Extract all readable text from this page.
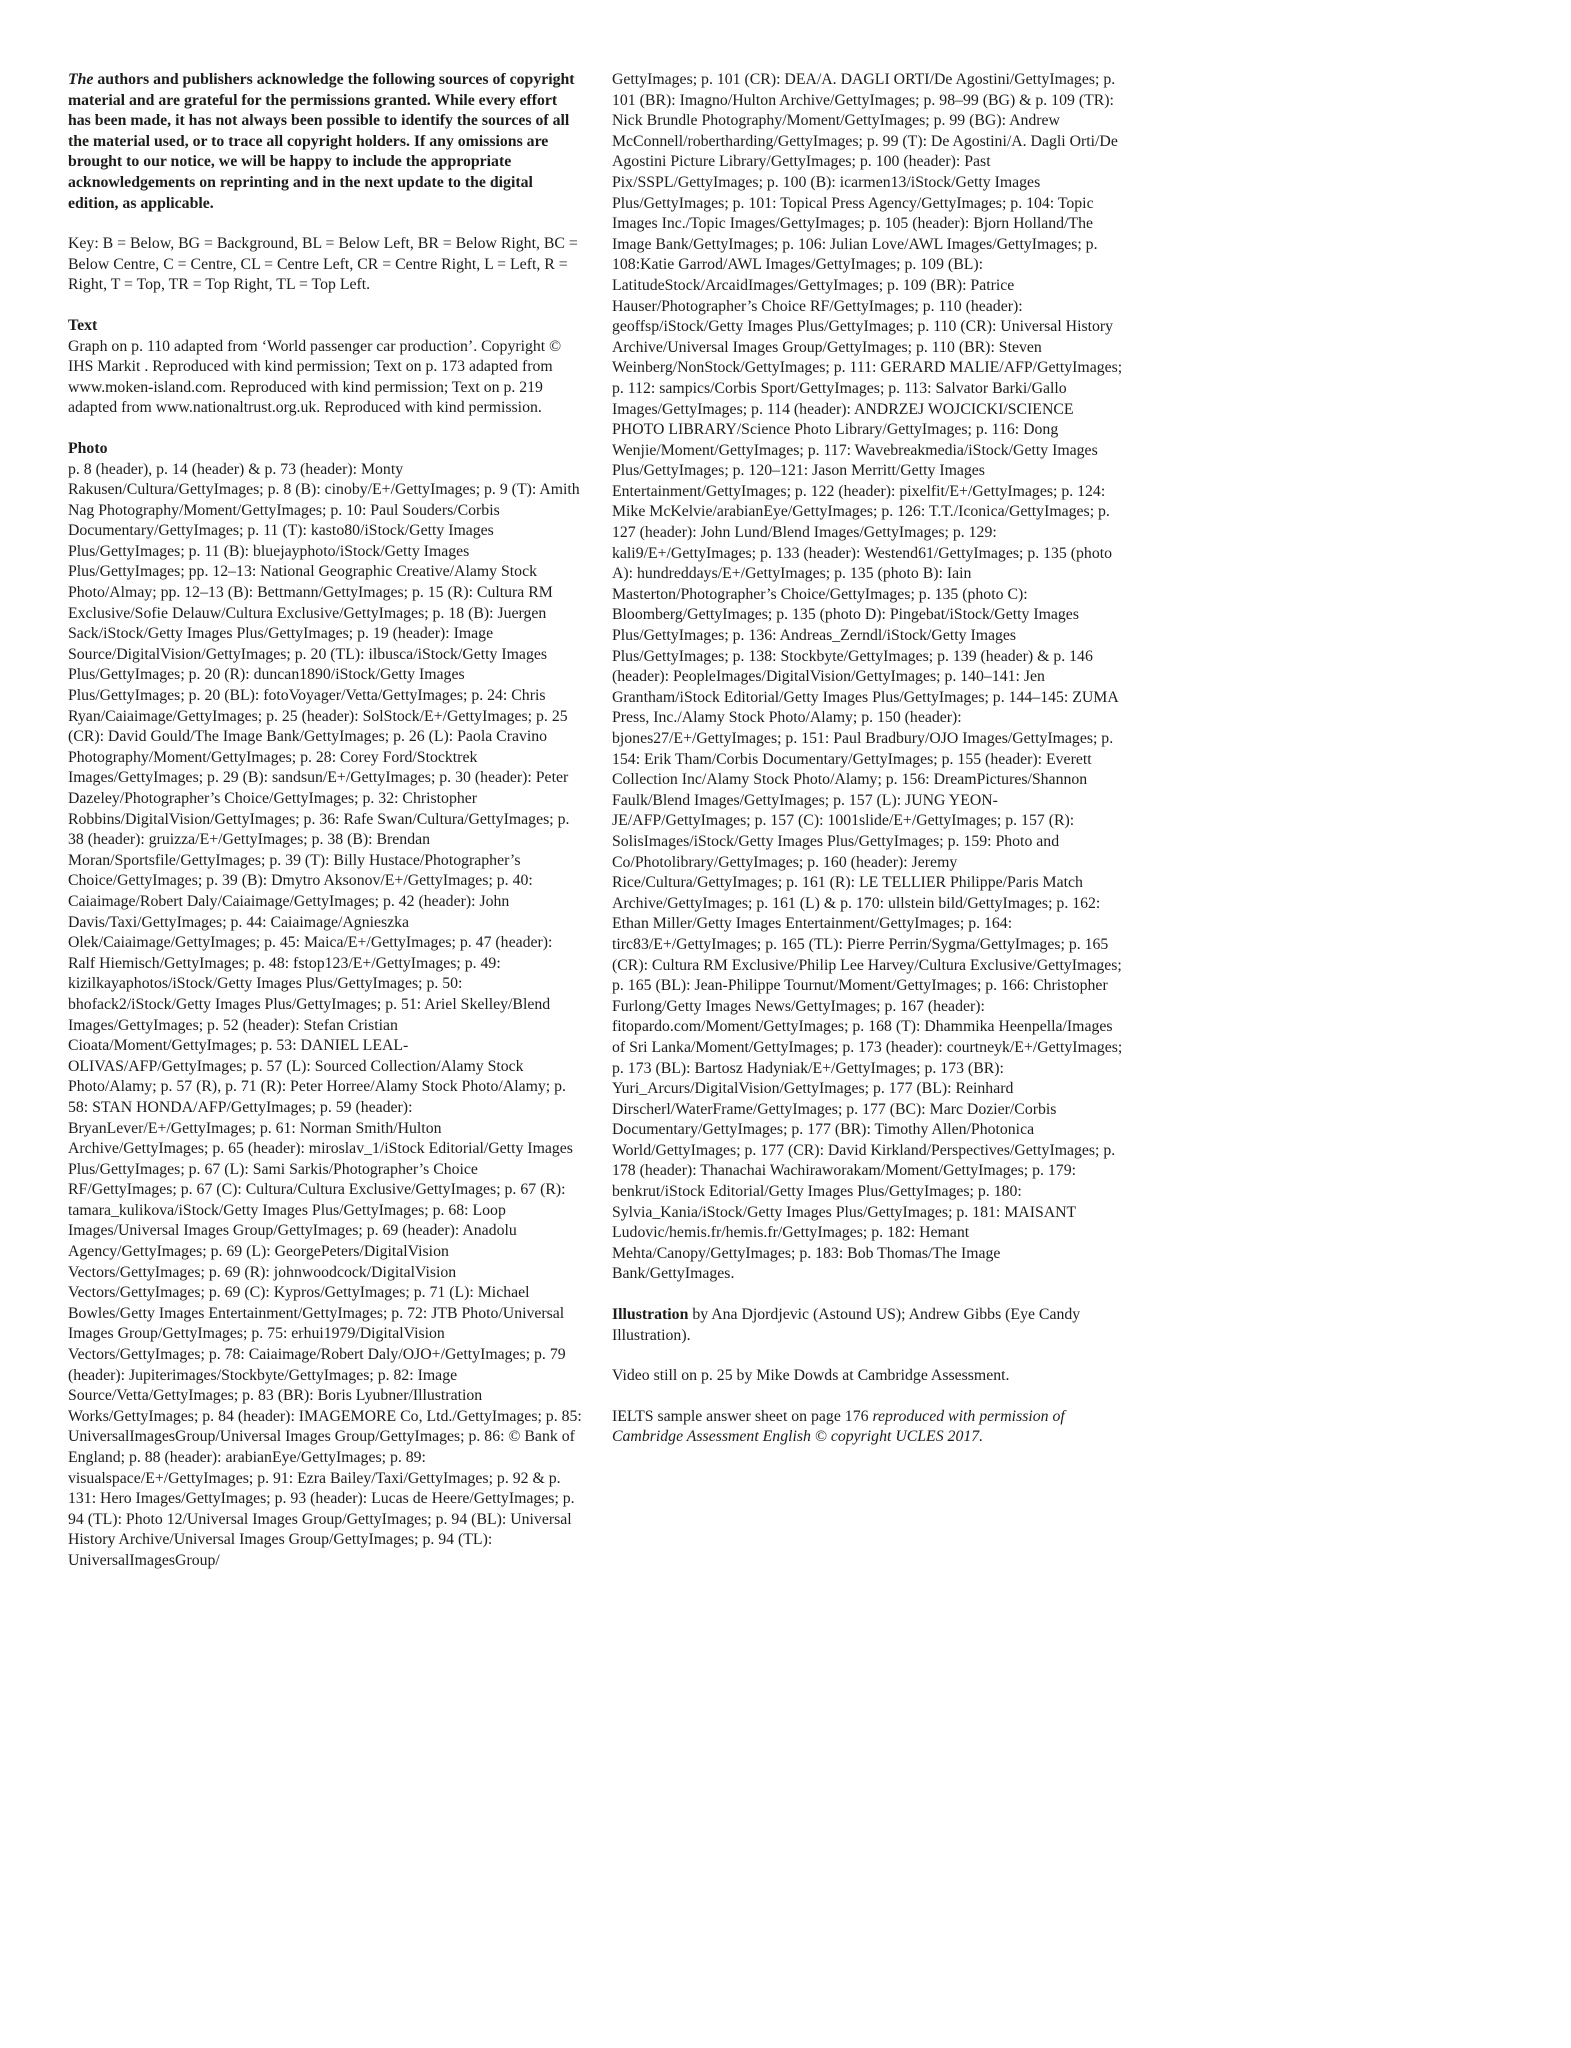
The authors and publishers acknowledge the following sources of copyright material and are grateful for the permissions granted. While every effort has been made, it has not always been possible to identify the sources of all the material used, or to trace all copyright holders. If any omissions are brought to our notice, we will be happy to include the appropriate acknowledgements on reprinting and in the next update to the digital edition, as applicable.

Key: B = Below, BG = Background, BL = Below Left, BR = Below Right, BC = Below Centre, C = Centre, CL = Centre Left, CR = Centre Right, L = Left, R = Right, T = Top, TR = Top Right, TL = Top Left.

Text

Graph on p. 110 adapted from ‘World passenger car production’. Copyright © IHS Markit . Reproduced with kind permission; Text on p. 173 adapted from www.moken-island.com. Reproduced with kind permission; Text on p. 219 adapted from www.nationaltrust.org.uk. Reproduced with kind permission.

Photo

p. 8 (header), p. 14 (header) & p. 73 (header): Monty Rakusen/Cultura/GettyImages; p. 8 (B): cinoby/E+/GettyImages; p. 9 (T): Amith Nag Photography/Moment/GettyImages; p. 10: Paul Souders/Corbis Documentary/GettyImages; p. 11 (T): kasto80/iStock/Getty Images Plus/GettyImages; p. 11 (B): bluejayphoto/iStock/Getty Images Plus/GettyImages; pp. 12–13: National Geographic Creative/Alamy Stock Photo/Almay; pp. 12–13 (B): Bettmann/GettyImages; p. 15 (R): Cultura RM Exclusive/Sofie Delauw/Cultura Exclusive/GettyImages; p. 18 (B): Juergen Sack/iStock/Getty Images Plus/GettyImages; p. 19 (header): Image Source/DigitalVision/GettyImages; p. 20 (TL): ilbusca/iStock/Getty Images Plus/GettyImages; p. 20 (R): duncan1890/iStock/Getty Images Plus/GettyImages; p. 20 (BL): fotoVoyager/Vetta/GettyImages; p. 24: Chris Ryan/Caiaimage/GettyImages; p. 25 (header): SolStock/E+/GettyImages; p. 25 (CR): David Gould/The Image Bank/GettyImages; p. 26 (L): Paola Cravino Photography/Moment/GettyImages; p. 28: Corey Ford/Stocktrek Images/GettyImages; p. 29 (B): sandsun/E+/GettyImages; p. 30 (header): Peter Dazeley/Photographer’s Choice/GettyImages; p. 32: Christopher Robbins/DigitalVision/GettyImages; p. 36: Rafe Swan/Cultura/GettyImages; p. 38 (header): gruizza/E+/GettyImages; p. 38 (B): Brendan Moran/Sportsfile/GettyImages; p. 39 (T): Billy Hustace/Photographer’s Choice/GettyImages; p. 39 (B): Dmytro Aksonov/E+/GettyImages; p. 40: Caiaimage/Robert Daly/Caiaimage/GettyImages; p. 42 (header): John Davis/Taxi/GettyImages; p. 44: Caiaimage/Agnieszka Olek/Caiaimage/GettyImages; p. 45: Maica/E+/GettyImages; p. 47 (header): Ralf Hiemisch/GettyImages; p. 48: fstop123/E+/GettyImages; p. 49: kizilkayaphotos/iStock/Getty Images Plus/GettyImages; p. 50: bhofack2/iStock/Getty Images Plus/GettyImages; p. 51: Ariel Skelley/Blend Images/GettyImages; p. 52 (header): Stefan Cristian Cioata/Moment/GettyImages; p. 53: DANIEL LEAL-OLIVAS/AFP/GettyImages; p. 57 (L): Sourced Collection/Alamy Stock Photo/Alamy; p. 57 (R), p. 71 (R): Peter Horree/Alamy Stock Photo/Alamy; p. 58: STAN HONDA/AFP/GettyImages; p. 59 (header): BryanLever/E+/GettyImages; p. 61: Norman Smith/Hulton Archive/GettyImages; p. 65 (header): miroslav_1/iStock Editorial/Getty Images Plus/GettyImages; p. 67 (L): Sami Sarkis/Photographer’s Choice RF/GettyImages; p. 67 (C): Cultura/Cultura Exclusive/GettyImages; p. 67 (R): tamara_kulikova/iStock/Getty Images Plus/GettyImages; p. 68: Loop Images/Universal Images Group/GettyImages; p. 69 (header): Anadolu Agency/GettyImages; p. 69 (L): GeorgePeters/DigitalVision Vectors/GettyImages; p. 69 (R): johnwoodcock/DigitalVision Vectors/GettyImages; p. 69 (C): Kypros/GettyImages; p. 71 (L): Michael Bowles/Getty Images Entertainment/GettyImages; p. 72: JTB Photo/Universal Images Group/GettyImages; p. 75: erhui1979/DigitalVision Vectors/GettyImages; p. 78: Caiaimage/Robert Daly/OJO+/GettyImages; p. 79 (header): Jupiterimages/Stockbyte/GettyImages; p. 82: Image Source/Vetta/GettyImages; p. 83 (BR): Boris Lyubner/Illustration Works/GettyImages; p. 84 (header): IMAGEMORE Co, Ltd./GettyImages; p. 85: UniversalImagesGroup/Universal Images Group/GettyImages; p. 86: © Bank of England; p. 88 (header): arabianEye/GettyImages; p. 89: visualspace/E+/GettyImages; p. 91: Ezra Bailey/Taxi/GettyImages; p. 92 & p. 131: Hero Images/GettyImages; p. 93 (header): Lucas de Heere/GettyImages; p. 94 (TL): Photo 12/Universal Images Group/GettyImages; p. 94 (BL): Universal History Archive/Universal Images Group/GettyImages; p. 94 (TL): UniversalImagesGroup/

GettyImages; p. 101 (CR): DEA/A. DAGLI ORTI/De Agostini/GettyImages; p. 101 (BR): Imagno/Hulton Archive/GettyImages; p. 98–99 (BG) & p. 109 (TR): Nick Brundle Photography/Moment/GettyImages; p. 99 (BG): Andrew McConnell/robertharding/GettyImages; p. 99 (T): De Agostini/A. Dagli Orti/De Agostini Picture Library/GettyImages; p. 100 (header): Past Pix/SSPL/GettyImages; p. 100 (B): icarmen13/iStock/Getty Images Plus/GettyImages; p. 101: Topical Press Agency/GettyImages; p. 104: Topic Images Inc./Topic Images/GettyImages; p. 105 (header): Bjorn Holland/The Image Bank/GettyImages; p. 106: Julian Love/AWL Images/GettyImages; p. 108:Katie Garrod/AWL Images/GettyImages; p. 109 (BL): LatitudeStock/ArcaidImages/GettyImages; p. 109 (BR): Patrice Hauser/Photographer’s Choice RF/GettyImages; p. 110 (header): geoffsp/iStock/Getty Images Plus/GettyImages; p. 110 (CR): Universal History Archive/Universal Images Group/GettyImages; p. 110 (BR): Steven Weinberg/NonStock/GettyImages; p. 111: GERARD MALIE/AFP/GettyImages; p. 112: sampics/Corbis Sport/GettyImages; p. 113: Salvator Barki/Gallo Images/GettyImages; p. 114 (header): ANDRZEJ WOJCICKI/SCIENCE PHOTO LIBRARY/Science Photo Library/GettyImages; p. 116: Dong Wenjie/Moment/GettyImages; p. 117: Wavebreakmedia/iStock/Getty Images Plus/GettyImages; p. 120–121: Jason Merritt/Getty Images Entertainment/GettyImages; p. 122 (header): pixelfit/E+/GettyImages; p. 124: Mike McKelvie/arabianEye/GettyImages; p. 126: T.T./Iconica/GettyImages; p. 127 (header): John Lund/Blend Images/GettyImages; p. 129: kali9/E+/GettyImages; p. 133 (header): Westend61/GettyImages; p. 135 (photo A): hundreddays/E+/GettyImages; p. 135 (photo B): Iain Masterton/Photographer’s Choice/GettyImages; p. 135 (photo C): Bloomberg/GettyImages; p. 135 (photo D): Pingebat/iStock/Getty Images Plus/GettyImages; p. 136: Andreas_Zerndl/iStock/Getty Images Plus/GettyImages; p. 138: Stockbyte/GettyImages; p. 139 (header) & p. 146 (header): PeopleImages/DigitalVision/GettyImages; p. 140–141: Jen Grantham/iStock Editorial/Getty Images Plus/GettyImages; p. 144–145: ZUMA Press, Inc./Alamy Stock Photo/Alamy; p. 150 (header): bjones27/E+/GettyImages; p. 151: Paul Bradbury/OJO Images/GettyImages; p. 154: Erik Tham/Corbis Documentary/GettyImages; p. 155 (header): Everett Collection Inc/Alamy Stock Photo/Alamy; p. 156: DreamPictures/Shannon Faulk/Blend Images/GettyImages; p. 157 (L): JUNG YEON-JE/AFP/GettyImages; p. 157 (C): 1001slide/E+/GettyImages; p. 157 (R): SolisImages/iStock/Getty Images Plus/GettyImages; p. 159: Photo and Co/Photolibrary/GettyImages; p. 160 (header): Jeremy Rice/Cultura/GettyImages; p. 161 (R): LE TELLIER Philippe/Paris Match Archive/GettyImages; p. 161 (L) & p. 170: ullstein bild/GettyImages; p. 162: Ethan Miller/Getty Images Entertainment/GettyImages; p. 164: tirc83/E+/GettyImages; p. 165 (TL): Pierre Perrin/Sygma/GettyImages; p. 165 (CR): Cultura RM Exclusive/Philip Lee Harvey/Cultura Exclusive/GettyImages; p. 165 (BL): Jean-Philippe Tournut/Moment/GettyImages; p. 166: Christopher Furlong/Getty Images News/GettyImages; p. 167 (header): fitopardo.com/Moment/GettyImages; p. 168 (T): Dhammika Heenpella/Images of Sri Lanka/Moment/GettyImages; p. 173 (header): courtneyk/E+/GettyImages; p. 173 (BL): Bartosz Hadyniak/E+/GettyImages; p. 173 (BR): Yuri_Arcurs/DigitalVision/GettyImages; p. 177 (BL): Reinhard Dirscherl/WaterFrame/GettyImages; p. 177 (BC): Marc Dozier/Corbis Documentary/GettyImages; p. 177 (BR): Timothy Allen/Photonica World/GettyImages; p. 177 (CR): David Kirkland/Perspectives/GettyImages; p. 178 (header): Thanachai Wachiraworakam/Moment/GettyImages; p. 179: benkrut/iStock Editorial/Getty Images Plus/GettyImages; p. 180: Sylvia_Kania/iStock/Getty Images Plus/GettyImages; p. 181: MAISANT Ludovic/hemis.fr/hemis.fr/GettyImages; p. 182: Hemant Mehta/Canopy/GettyImages; p. 183: Bob Thomas/The Image Bank/GettyImages.

Illustration by Ana Djordjevic (Astound US); Andrew Gibbs (Eye Candy Illustration).

Video still on p. 25 by Mike Dowds at Cambridge Assessment.

IELTS sample answer sheet on page 176 reproduced with permission of Cambridge Assessment English © copyright UCLES 2017.
